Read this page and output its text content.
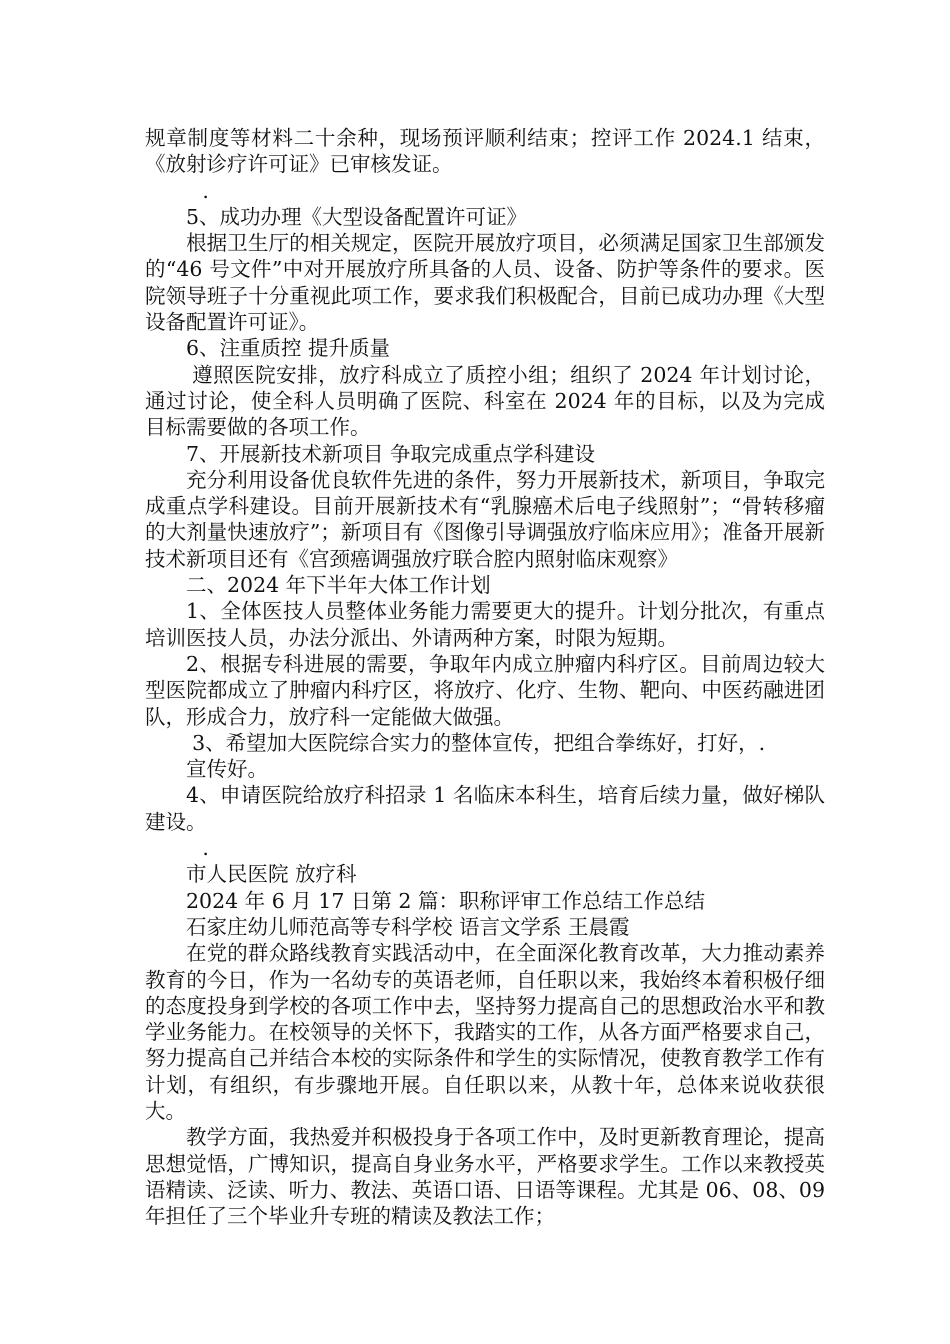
规章制度等材料二十余种，现场预评顺利结束；控评工作 2024.1 结束，《放射诊疗许可证》已审核发证。

.

5、成功办理《大型设备配置许可证》

根据卫生厅的相关规定，医院开展放疗项目，必须满足国家卫生部颁发的“46 号文件”中对开展放疗所具备的人员、设备、防护等条件的要求。医院领导班子十分重视此项工作，要求我们积极配合，目前已成功办理《大型设备配置许可证》。

6、注重质控 提升质量

遵照医院安排，放疗科成立了质控小组；组织了 2024 年计划讨论，通过讨论，使全科人员明确了医院、科室在 2024 年的目标，以及为完成目标需要做的各项工作。

7、开展新技术新项目 争取完成重点学科建设

充分利用设备优良软件先进的条件，努力开展新技术，新项目，争取完成重点学科建设。目前开展新技术有“乳腺癌术后电子线照射”；“骨转移瘤的大剂量快速放疗”；新项目有《图像引导调强放疗临床应用》；准备开展新技术新项目还有《宫颈癌调强放疗联合腔内照射临床观察》

二、2024 年下半年大体工作计划

1、全体医技人员整体业务能力需要更大的提升。计划分批次，有重点培训医技人员，办法分派出、外请两种方案，时限为短期。

2、根据专科进展的需要，争取年内成立肿瘤内科疗区。目前周边较大型医院都成立了肿瘤内科疗区，将放疗、化疗、生物、靶向、中医药融进团队，形成合力，放疗科一定能做大做强。

3、希望加大医院综合实力的整体宣传，把组合拳练好，打好，.

宣传好。

4、申请医院给放疗科招录 1 名临床本科生，培育后续力量，做好梯队建设。

.

市人民医院 放疗科

2024 年 6 月 17 日第 2 篇：职称评审工作总结工作总结

石家庄幼儿师范高等专科学校 语言文学系 王晨霞

在党的群众路线教育实践活动中，在全面深化教育改革，大力推动素养教育的今日，作为一名幼专的英语老师，自任职以来，我始终本着积极仔细的态度投身到学校的各项工作中去，坚持努力提高自己的思想政治水平和教学业务能力。在校领导的关怀下，我踏实的工作，从各方面严格要求自己，努力提高自己并结合本校的实际条件和学生的实际情况，使教育教学工作有计划，有组织，有步骤地开展。自任职以来，从教十年，总体来说收获很大。

教学方面，我热爱并积极投身于各项工作中，及时更新教育理论，提高思想觉悟，广博知识，提高自身业务水平，严格要求学生。工作以来教授英语精读、泛读、听力、教法、英语口语、日语等课程。尤其是 06、08、09 年担任了三个毕业升专班的精读及教法工作；
